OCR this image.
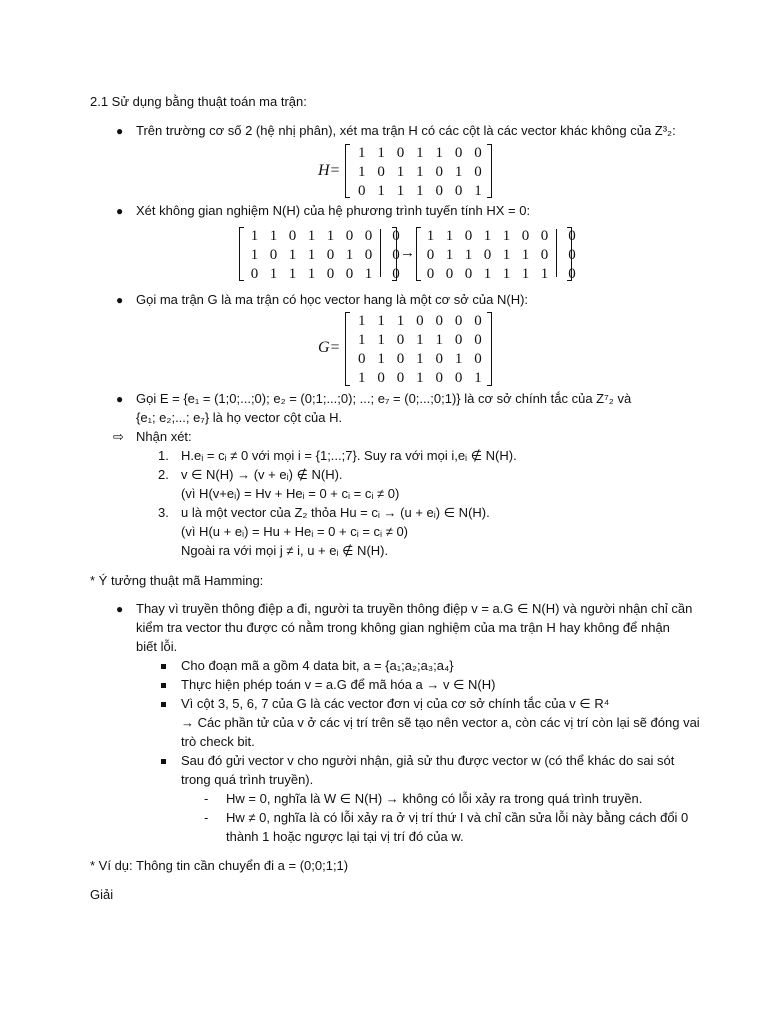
2.1 Sử dụng bằng thuật toán ma trận:
● Trên trường cơ số 2 (hệ nhị phân), xét ma trận H có các cột là các vector khác không của Z³₂:
H=
1 1 0 1 1 0 0
1 0 1 1 0 1 0
0 1 1 1 0 0 1
● Xét không gian nghiệm N(H) của hệ phương trình tuyến tính HX = 0:
1 1 0 1 1 0 0	0
1 0 1 1 0 1 0	0
0 1 1 1 0 0 1	0
→
1 1 0 1 1 0 0	0
0 1 1 0 1 1 0	0
0 0 0 1 1 1 1	0
● Gọi ma trận G là ma trận có học vector hang là một cơ sở của N(H):
G=
1 1 1 0 0 0 0
1 1 0 1 1 0 0
0 1 0 1 0 1 0
1 0 0 1 0 0 1
● Gọi E = {e₁ = (1;0;...;0); e₂ = (0;1;...;0); ...; e₇ = (0;...;0;1)} là cơ sở chính tắc của Z⁷₂ và
{e₁; e₂;...; e₇} là họ vector cột của H.
⇨ Nhận xét:
1. H.eᵢ = cᵢ ≠ 0 với mọi i = {1;...;7}. Suy ra với mọi i,eᵢ ∉ N(H).
2. v ∈ N(H) → (v + eᵢ) ∉ N(H).
(vì H(v+eᵢ) = Hv + Heᵢ = 0 + cᵢ = cᵢ ≠ 0)
3. u là một vector của Z₂ thỏa Hu = cᵢ → (u + eᵢ) ∈ N(H).
(vì H(u + eᵢ) = Hu + Heᵢ = 0 + cᵢ = cᵢ ≠ 0)
Ngoài ra với mọi j ≠ i, u + eᵢ ∉ N(H).
* Ý tưởng thuật mã Hamming:
● Thay vì truyền thông điệp a đi, người ta truyền thông điệp v = a.G ∈ N(H) và người nhận chỉ cần
kiểm tra vector thu được có nằm trong không gian nghiệm của ma trận H hay không để nhận
biết lỗi.
Cho đoạn mã a gồm 4 data bit, a = {a₁;a₂;a₃;a₄}
Thực hiện phép toán v = a.G để mã hóa a → v ∈ N(H)
Vì cột 3, 5, 6, 7 của G là các vector đơn vị của cơ sở chính tắc của v ∈ R⁴
→ Các phần tử của v ở các vị trí trên sẽ tạo nên vector a, còn các vị trí còn lại sẽ đóng vai
trò check bit.
Sau đó gửi vector v cho người nhận, giả sử thu được vector w (có thể khác do sai sót
trong quá trình truyền).
- Hw = 0, nghĩa là W ∈ N(H) → không có lỗi xảy ra trong quá trình truyền.
- Hw ≠ 0, nghĩa là có lỗi xảy ra ở vị trí thứ I và chỉ cần sửa lỗi này bằng cách đổi 0
thành 1 hoặc ngược lại tại vị trí đó của w.
* Ví dụ: Thông tin cần chuyển đi a = (0;0;1;1)
Giải
